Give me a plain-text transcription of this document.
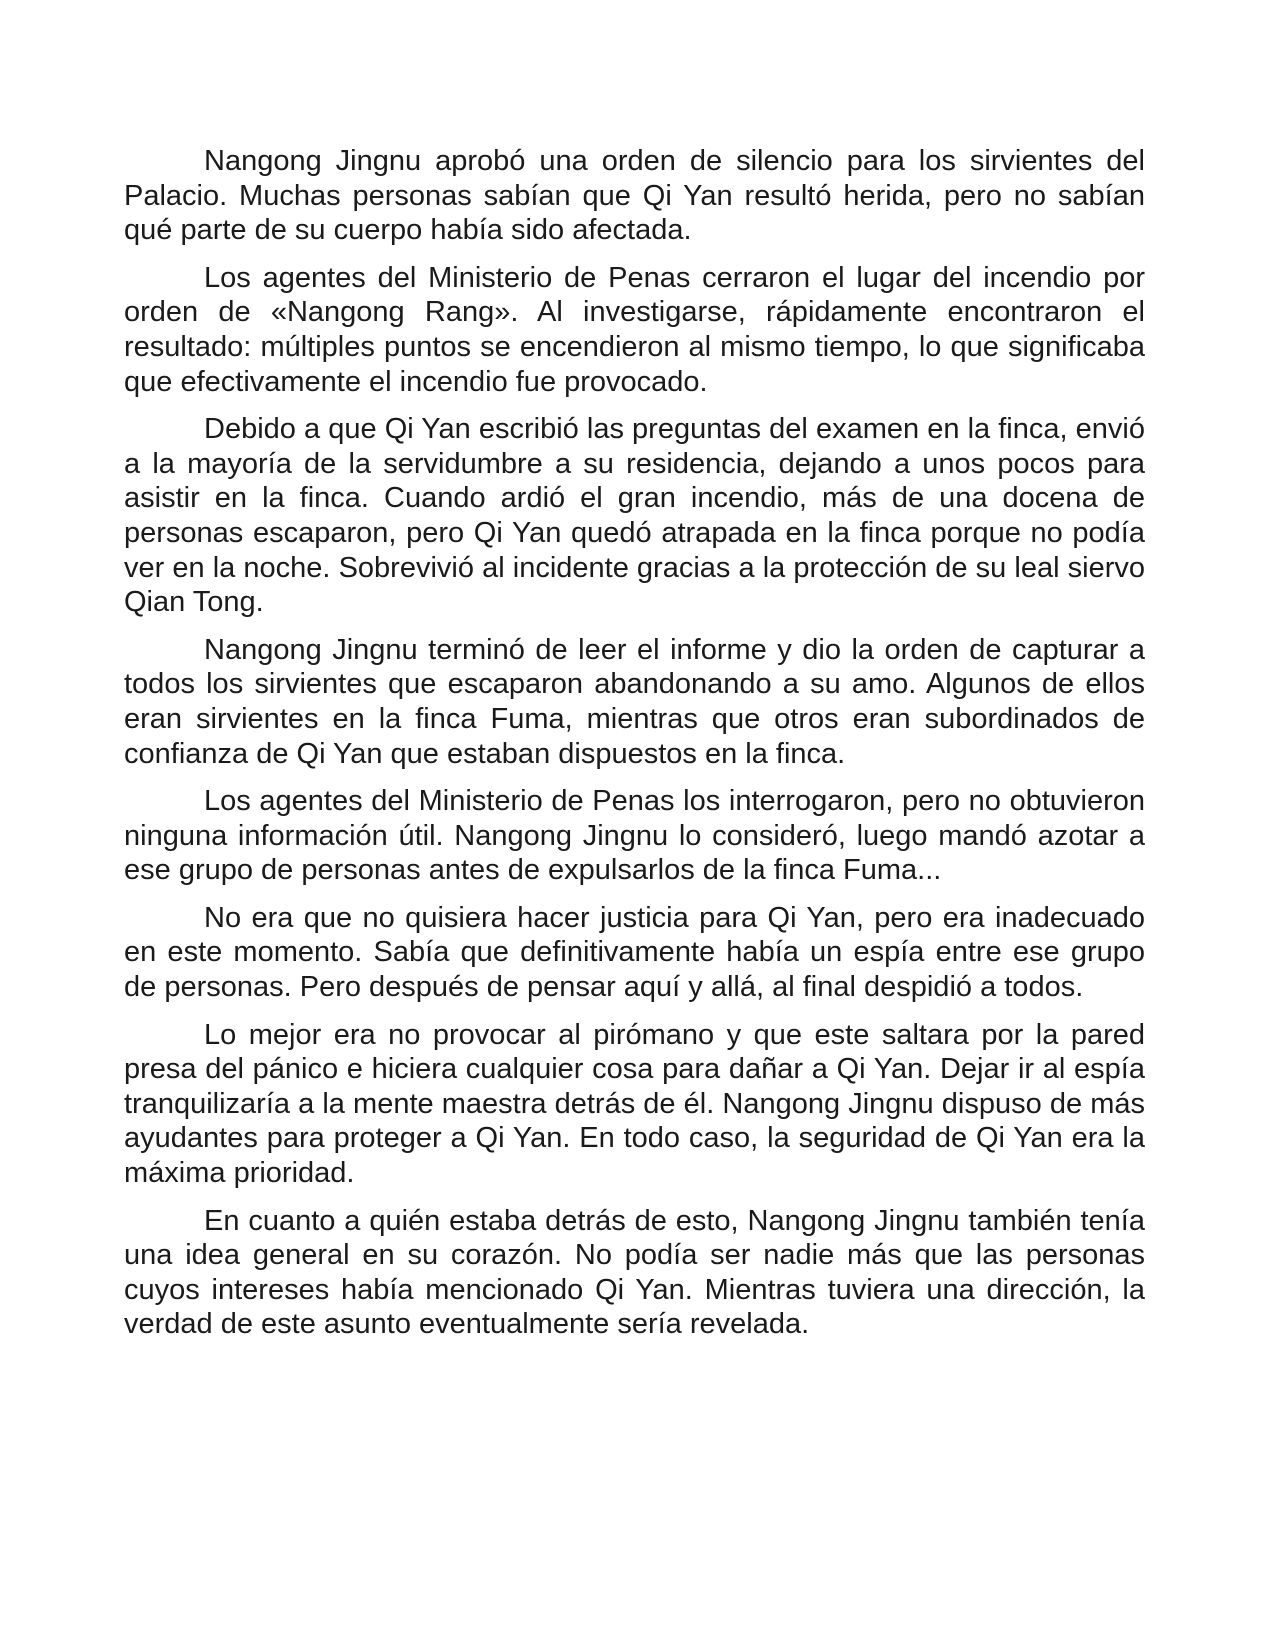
Nangong Jingnu aprobó una orden de silencio para los sirvientes del Palacio. Muchas personas sabían que Qi Yan resultó herida, pero no sabían qué parte de su cuerpo había sido afectada.

Los agentes del Ministerio de Penas cerraron el lugar del incendio por orden de «Nangong Rang». Al investigarse, rápidamente encontraron el resultado: múltiples puntos se encendieron al mismo tiempo, lo que significaba que efectivamente el incendio fue provocado.

Debido a que Qi Yan escribió las preguntas del examen en la finca, envió a la mayoría de la servidumbre a su residencia, dejando a unos pocos para asistir en la finca. Cuando ardió el gran incendio, más de una docena de personas escaparon, pero Qi Yan quedó atrapada en la finca porque no podía ver en la noche. Sobrevivió al incidente gracias a la protección de su leal siervo Qian Tong.

Nangong Jingnu terminó de leer el informe y dio la orden de capturar a todos los sirvientes que escaparon abandonando a su amo. Algunos de ellos eran sirvientes en la finca Fuma, mientras que otros eran subordinados de confianza de Qi Yan que estaban dispuestos en la finca.

Los agentes del Ministerio de Penas los interrogaron, pero no obtuvieron ninguna información útil. Nangong Jingnu lo consideró, luego mandó azotar a ese grupo de personas antes de expulsarlos de la finca Fuma...

No era que no quisiera hacer justicia para Qi Yan, pero era inadecuado en este momento. Sabía que definitivamente había un espía entre ese grupo de personas. Pero después de pensar aquí y allá, al final despidió a todos.

Lo mejor era no provocar al pirómano y que este saltara por la pared presa del pánico e hiciera cualquier cosa para dañar a Qi Yan. Dejar ir al espía tranquilizaría a la mente maestra detrás de él. Nangong Jingnu dispuso de más ayudantes para proteger a Qi Yan. En todo caso, la seguridad de Qi Yan era la máxima prioridad.

En cuanto a quién estaba detrás de esto, Nangong Jingnu también tenía una idea general en su corazón. No podía ser nadie más que las personas cuyos intereses había mencionado Qi Yan. Mientras tuviera una dirección, la verdad de este asunto eventualmente sería revelada.
